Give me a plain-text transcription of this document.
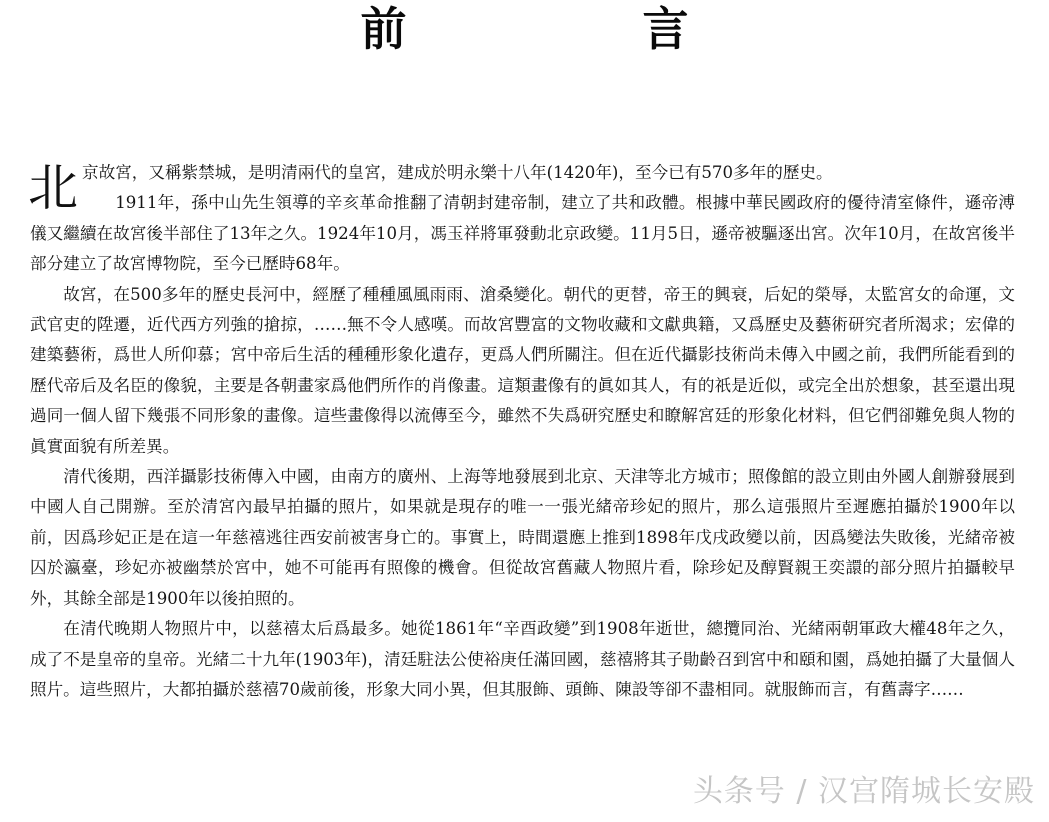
前 言

北京故宮，又稱紫禁城，是明清兩代的皇宮，建成於明永樂十八年(1420年)，至今已有570多年的歷史。

1911年，孫中山先生領導的辛亥革命推翻了清朝封建帝制，建立了共和政體。根據中華民國政府的優待清室條件，遜帝溥儀又繼續在故宮後半部住了13年之久。1924年10月，馮玉祥將軍發動北京政變。11月5日，遜帝被驅逐出宮。次年10月，在故宮後半部分建立了故宮博物院，至今已歷時68年。

故宮，在500多年的歷史長河中，經歷了種種風風雨雨、滄桑變化。朝代的更替，帝王的興衰，后妃的榮辱，太監宮女的命運，文武官吏的陞遷，近代西方列強的搶掠，……無不令人感嘆。而故宮豐富的文物收藏和文獻典籍，又爲歷史及藝術研究者所渴求；宏偉的建築藝術，爲世人所仰慕；宮中帝后生活的種種形象化遺存，更爲人們所關注。但在近代攝影技術尚未傳入中國之前，我們所能看到的歷代帝后及名臣的像貌，主要是各朝畫家爲他們所作的肖像畫。這類畫像有的眞如其人，有的祇是近似，或完全出於想象，甚至還出現過同一個人留下幾張不同形象的畫像。這些畫像得以流傳至今，雖然不失爲研究歷史和瞭解宮廷的形象化材料，但它們卻難免與人物的眞實面貌有所差異。

清代後期，西洋攝影技術傳入中國，由南方的廣州、上海等地發展到北京、天津等北方城市；照像館的設立則由外國人創辦發展到中國人自己開辦。至於清宮內最早拍攝的照片，如果就是現存的唯一一張光緒帝珍妃的照片，那么這張照片至遲應拍攝於1900年以前，因爲珍妃正是在這一年慈禧逃往西安前被害身亡的。事實上，時間還應上推到1898年戊戌政變以前，因爲變法失敗後，光緒帝被囚於瀛臺，珍妃亦被幽禁於宮中，她不可能再有照像的機會。但從故宮舊藏人物照片看，除珍妃及醇賢親王奕譞的部分照片拍攝較早外，其餘全部是1900年以後拍照的。

在清代晚期人物照片中，以慈禧太后爲最多。她從1861年“辛酉政變”到1908年逝世，總攬同治、光緒兩朝軍政大權48年之久，成了不是皇帝的皇帝。光緒二十九年(1903年)，清廷駐法公使裕庚任滿回國，慈禧將其子勛齡召到宮中和頤和園，爲她拍攝了大量個人照片。這些照片，大都拍攝於慈禧70歲前後，形象大同小異，但其服飾、頭飾、陳設等卻不盡相同。就服飾而言，有舊壽字……

头条号 / 汉宫隋城长安殿
